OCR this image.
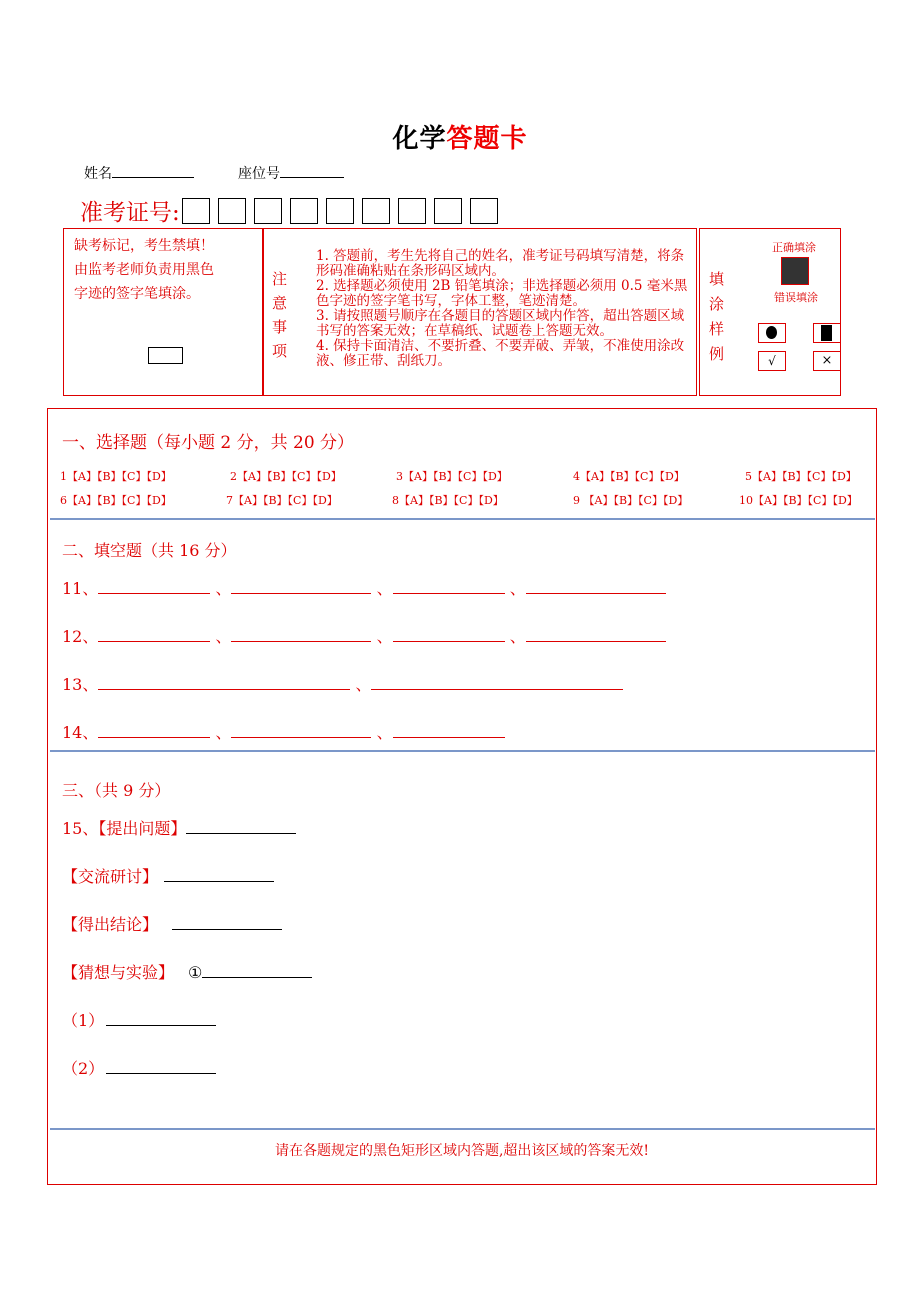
化学答题卡
姓名	座位号
准考证号:
缺考标记，考生禁填！
由监考老师负责用黑色
字迹的签字笔填涂。
注
意
事
项
1. 答题前，考生先将自己的姓名，准考证号码填写清楚，将条形码准确粘贴在条形码区域内。
2. 选择题必须使用 2B 铅笔填涂；非选择题必须用 0.5 毫米黑色字迹的签字笔书写，字体工整，笔迹清楚。
3. 请按照题号顺序在各题目的答题区域内作答，超出答题区域书写的答案无效；在草稿纸、试题卷上答题无效。
4. 保持卡面清洁、不要折叠、不要弄破、弄皱，不准使用涂改液、修正带、刮纸刀。
填
涂
样
例
正确填涂
错误填涂
√	×
一、选择题（每小题 2 分，共 20 分）
1【A】【B】【C】【D】	2【A】【B】【C】【D】	3【A】【B】【C】【D】	4【A】【B】【C】【D】	5【A】【B】【C】【D】
6【A】【B】【C】【D】	7【A】【B】【C】【D】	8【A】【B】【C】【D】	9 【A】【B】【C】【D】	10【A】【B】【C】【D】
二、填空题（共 16 分）
11、	、	、	、
12、	、	、	、
13、	、
14、	、	、
三、（共 9 分）
15、【提出问题】
【交流研讨】
【得出结论】
【猜想与实验】 ①
（1）
（2）
请在各题规定的黑色矩形区域内答题,超出该区域的答案无效!
